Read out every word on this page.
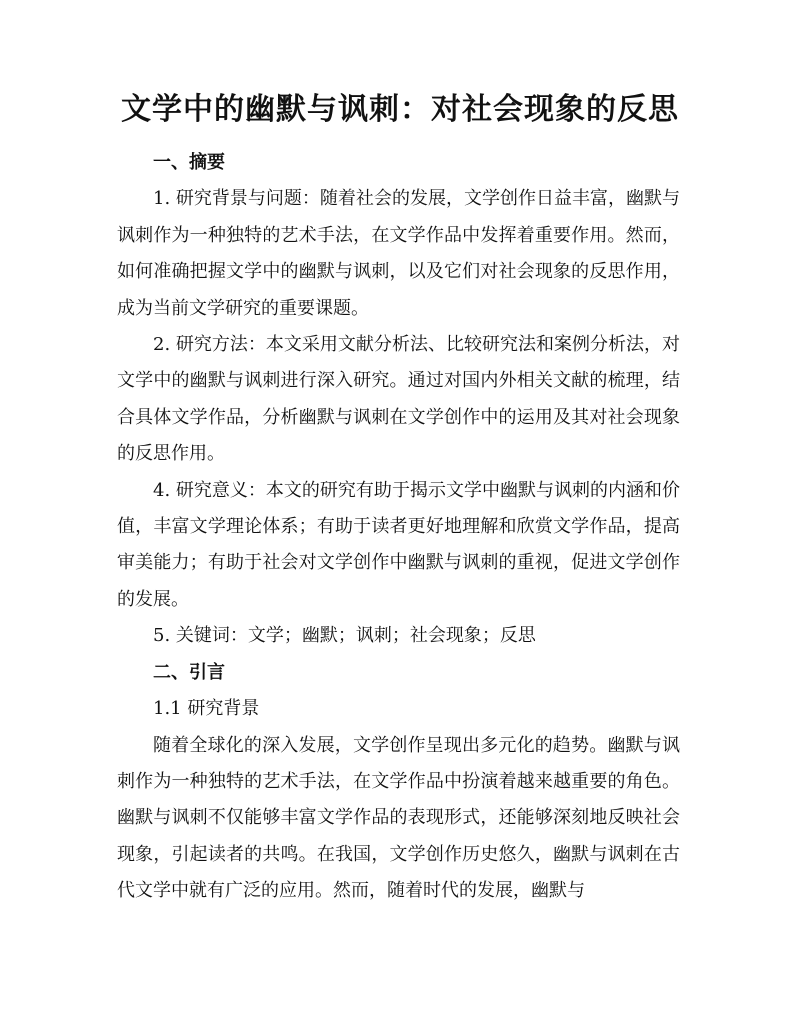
文学中的幽默与讽刺：对社会现象的反思

一、摘要

1. 研究背景与问题：随着社会的发展，文学创作日益丰富，幽默与讽刺作为一种独特的艺术手法，在文学作品中发挥着重要作用。然而，如何准确把握文学中的幽默与讽刺，以及它们对社会现象的反思作用，成为当前文学研究的重要课题。

2. 研究方法：本文采用文献分析法、比较研究法和案例分析法，对文学中的幽默与讽刺进行深入研究。通过对国内外相关文献的梳理，结合具体文学作品，分析幽默与讽刺在文学创作中的运用及其对社会现象的反思作用。

4. 研究意义：本文的研究有助于揭示文学中幽默与讽刺的内涵和价值，丰富文学理论体系；有助于读者更好地理解和欣赏文学作品，提高审美能力；有助于社会对文学创作中幽默与讽刺的重视，促进文学创作的发展。

5. 关键词：文学；幽默；讽刺；社会现象；反思

二、引言

1.1 研究背景

随着全球化的深入发展，文学创作呈现出多元化的趋势。幽默与讽刺作为一种独特的艺术手法，在文学作品中扮演着越来越重要的角色。幽默与讽刺不仅能够丰富文学作品的表现形式，还能够深刻地反映社会现象，引起读者的共鸣。在我国，文学创作历史悠久，幽默与讽刺在古代文学中就有广泛的应用。然而，随着时代的发展，幽默与
